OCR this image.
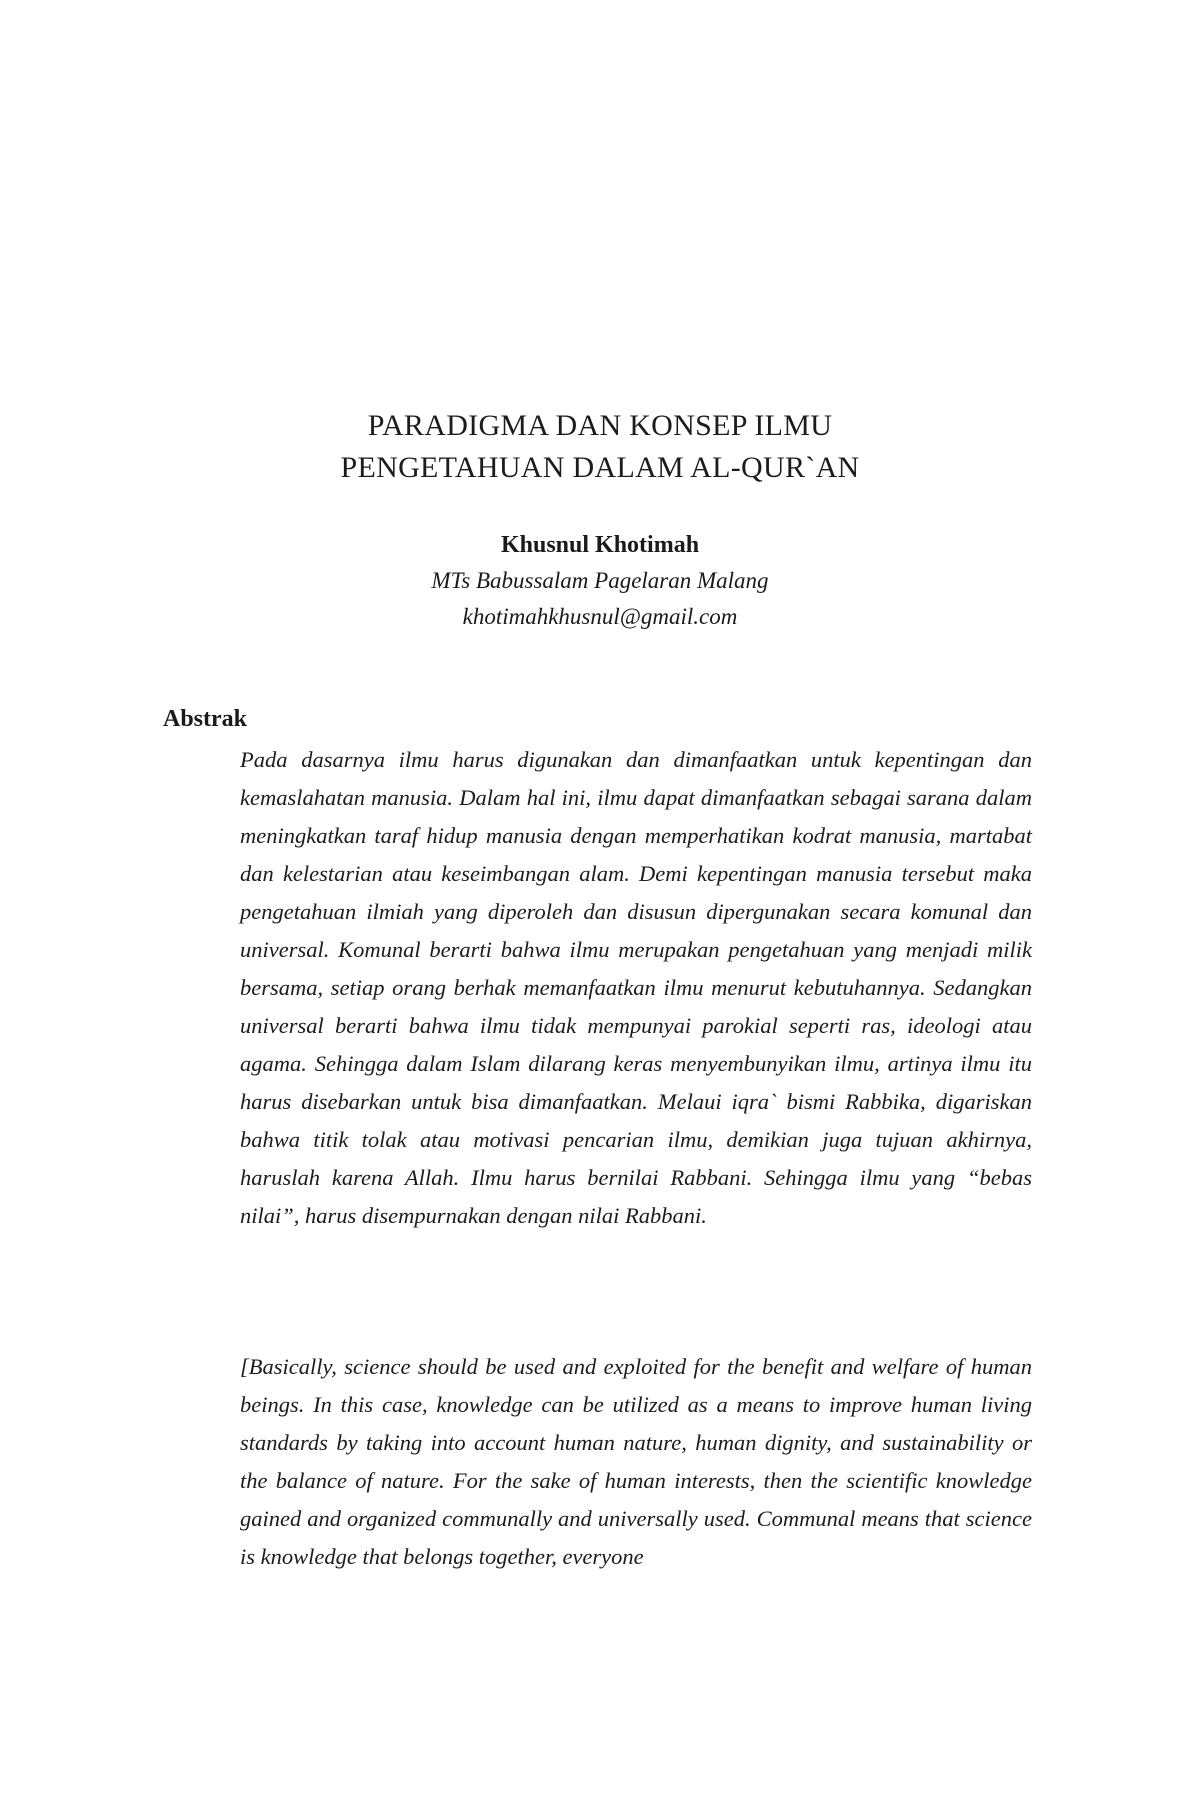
PARADIGMA DAN KONSEP ILMU
PENGETAHUAN DALAM AL-QUR`AN
Khusnul Khotimah
MTs Babussalam Pagelaran Malang
khotimahkhusnul@gmail.com
Abstrak

Pada dasarnya ilmu harus digunakan dan dimanfaatkan untuk kepentingan dan kemaslahatan manusia. Dalam hal ini, ilmu dapat dimanfaatkan sebagai sarana dalam meningkatkan taraf hidup manusia dengan memperhatikan kodrat manusia, martabat dan kelestarian atau keseimbangan alam. Demi kepentingan manusia tersebut maka pengetahuan ilmiah yang diperoleh dan disusun dipergunakan secara komunal dan universal. Komunal berarti bahwa ilmu merupakan pengetahuan yang menjadi milik bersama, setiap orang berhak memanfaatkan ilmu menurut kebutuhannya. Sedangkan universal berarti bahwa ilmu tidak mempunyai parokial seperti ras, ideologi atau agama. Sehingga dalam Islam dilarang keras menyembunyikan ilmu, artinya ilmu itu harus disebarkan untuk bisa dimanfaatkan. Melaui iqra` bismi Rabbika, digariskan bahwa titik tolak atau motivasi pencarian ilmu, demikian juga tujuan akhirnya, haruslah karena Allah. Ilmu harus bernilai Rabbani. Sehingga ilmu yang “bebas nilai”, harus disempurnakan dengan nilai Rabbani.

[Basically, science should be used and exploited for the benefit and welfare of human beings. In this case, knowledge can be utilized as a means to improve human living standards by taking into account human nature, human dignity, and sustainability or the balance of nature. For the sake of human interests, then the scientific knowledge gained and organized communally and universally used. Communal means that science is knowledge that belongs together, everyone
